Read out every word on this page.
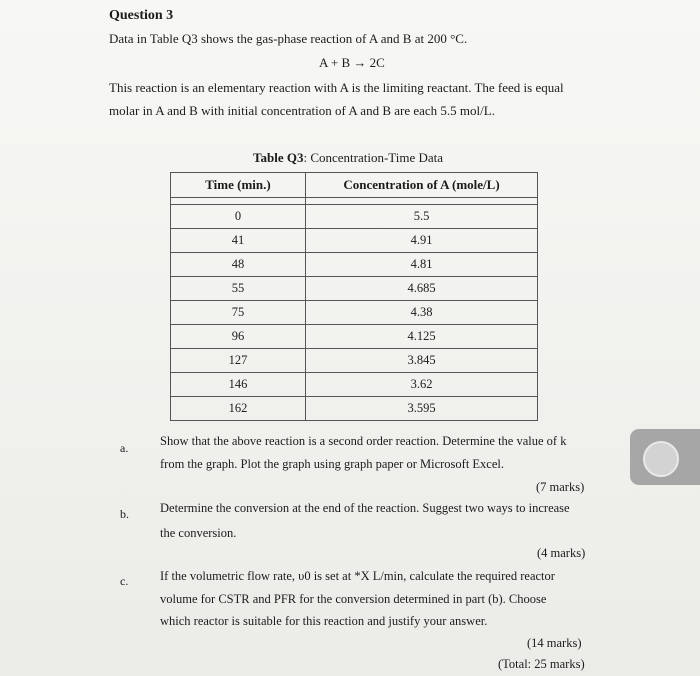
Question 3
Data in Table Q3 shows the gas-phase reaction of A and B at 200 °C.
A + B → 2C
This reaction is an elementary reaction with A is the limiting reactant. The feed is equal
molar in A and B with initial concentration of A and B are each 5.5 mol/L.
Table Q3: Concentration-Time Data
Time (min.)	Concentration of A (mole/L)

0	5.5
41	4.91
48	4.81
55	4.685
75	4.38
96	4.125
127	3.845
146	3.62
162	3.595
a.	Show that the above reaction is a second order reaction. Determine the value of k
from the graph. Plot the graph using graph paper or Microsoft Excel.
(7 marks)
b. Determine the conversion at the end of the reaction. Suggest two ways to increase
the conversion.
(4 marks)
c.	If the volumetric flow rate, υ0 is set at *X L/min, calculate the required reactor
volume for CSTR and PFR for the conversion determined in part (b). Choose
which reactor is suitable for this reaction and justify your answer.
(14 marks)
(Total: 25 marks)
